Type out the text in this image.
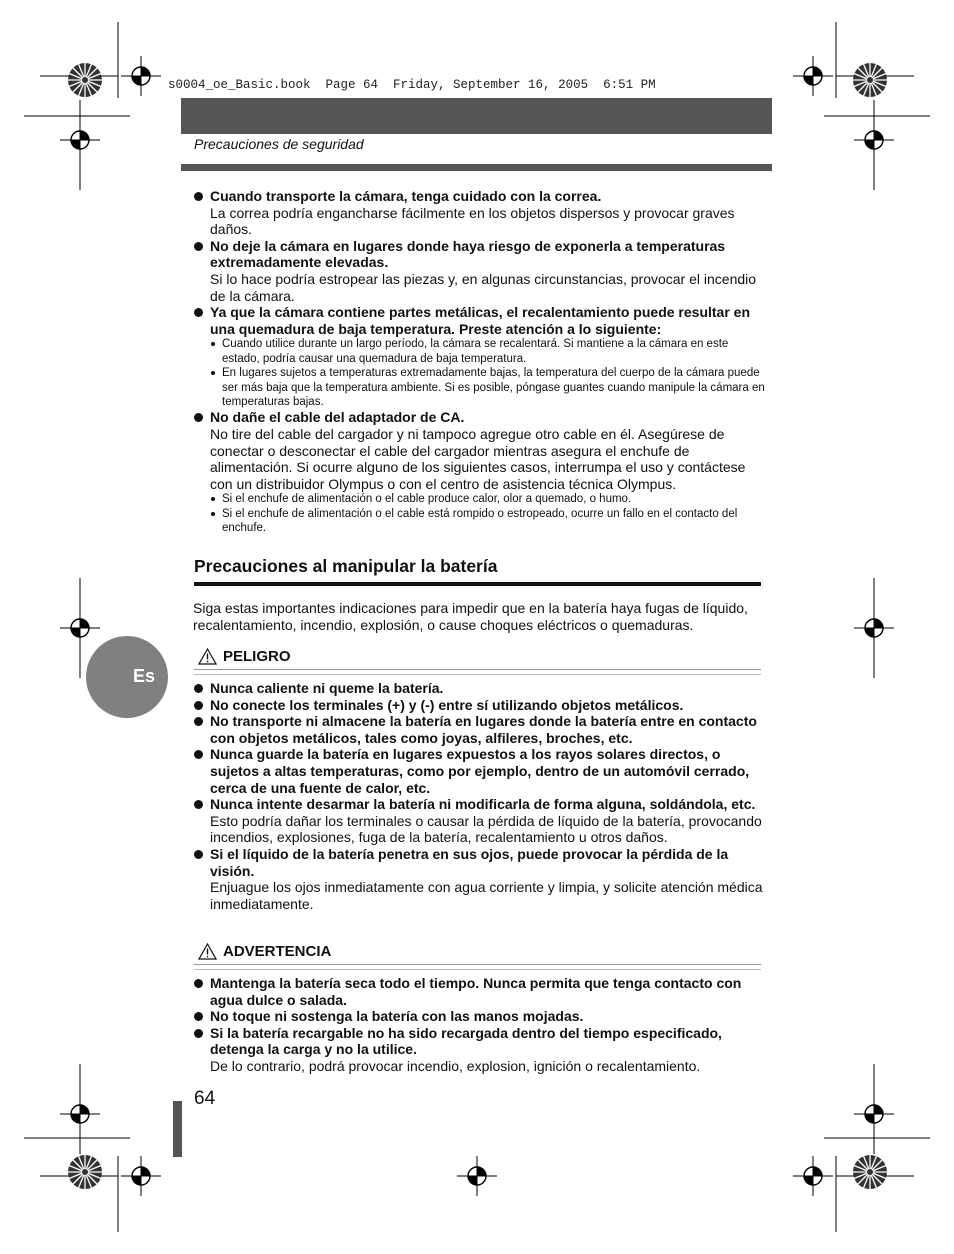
s0004_oe_Basic.book  Page 64  Friday, September 16, 2005  6:51 PM
Precauciones de seguridad
Cuando transporte la cámara, tenga cuidado con la correa.
La correa podría engancharse fácilmente en los objetos dispersos y provocar graves daños.
No deje la cámara en lugares donde haya riesgo de exponerla a temperaturas extremadamente elevadas.
Si lo hace podría estropear las piezas y, en algunas circunstancias, provocar el incendio de la cámara.
Ya que la cámara contiene partes metálicas, el recalentamiento puede resultar en una quemadura de baja temperatura. Preste atención a lo siguiente:
Cuando utilice durante un largo período, la cámara se recalentará. Si mantiene a la cámara en este estado, podría causar una quemadura de baja temperatura.
En lugares sujetos a temperaturas extremadamente bajas, la temperatura del cuerpo de la cámara puede ser más baja que la temperatura ambiente. Si es posible, póngase guantes cuando manipule la cámara en temperaturas bajas.
No dañe el cable del adaptador de CA.
No tire del cable del cargador y ni tampoco agregue otro cable en él. Asegúrese de conectar o desconectar el cable del cargador mientras asegura el enchufe de alimentación. Si ocurre alguno de los siguientes casos, interrumpa el uso y contáctese con un distribuidor Olympus o con el centro de asistencia técnica Olympus.
Si el enchufe de alimentación o el cable produce calor, olor a quemado, o humo.
Si el enchufe de alimentación o el cable está rompido o estropeado, ocurre un fallo en el contacto del enchufe.
Precauciones al manipular la batería
Siga estas importantes indicaciones para impedir que en la batería haya fugas de líquido, recalentamiento, incendio, explosión, o cause choques eléctricos o quemaduras.
PELIGRO
Nunca caliente ni queme la batería.
No conecte los terminales (+) y (-) entre sí utilizando objetos metálicos.
No transporte ni almacene la batería en lugares donde la batería entre en contacto con objetos metálicos, tales como joyas, alfileres, broches, etc.
Nunca guarde la batería en lugares expuestos a los rayos solares directos, o sujetos a altas temperaturas, como por ejemplo, dentro de un automóvil cerrado, cerca de una fuente de calor, etc.
Nunca intente desarmar la batería ni modificarla de forma alguna, soldándola, etc.
Esto podría dañar los terminales o causar la pérdida de líquido de la batería, provocando incendios, explosiones, fuga de la batería, recalentamiento u otros daños.
Si el líquido de la batería penetra en sus ojos, puede provocar la pérdida de la visión.
Enjuague los ojos inmediatamente con agua corriente y limpia, y solicite atención médica inmediatamente.
ADVERTENCIA
Mantenga la batería seca todo el tiempo. Nunca permita que tenga contacto con agua dulce o salada.
No toque ni sostenga la batería con las manos mojadas.
Si la batería recargable no ha sido recargada dentro del tiempo especificado, detenga la carga y no la utilice.
De lo contrario, podrá provocar incendio, explosion, ignición o recalentamiento.
64
Es
